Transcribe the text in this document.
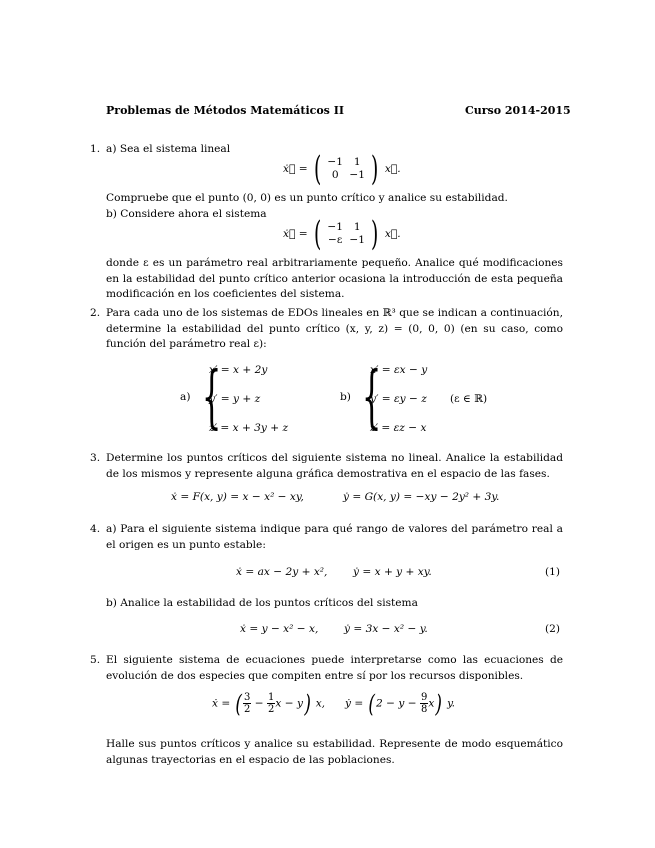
Problemas de Métodos Matemáticos II	Curso 2014-2015
1. a) Sea el sistema lineal
ẋ⃗ = ( −1	1
0	−1 ) x⃗.
Compruebe que el punto (0, 0) es un punto crítico y analice su estabilidad.
b) Considere ahora el sistema
ẋ⃗ = ( −1	1
−ε −1 ) x⃗.
donde ε es un parámetro real arbitrariamente pequeño. Analice qué modificaciones en la estabilidad del punto crítico anterior ocasiona la introducción de esta pequeña modificación en los coeficientes del sistema.
2. Para cada uno de los sistemas de EDOs lineales en ℝ³ que se indican a continuación, determine la estabilidad del punto crítico (x, y, z) = (0, 0, 0) (en su caso, como función del parámetro real ε):
a) {
x′ = x + 2y
y′ = y + z
z′ = x + 3y + z
b) {
x′ = εx − y
y′ = εy − z
z′ = εz − x
(ε ∈ ℝ)
3. Determine los puntos críticos del siguiente sistema no lineal. Analice la estabilidad de los mismos y represente alguna gráfica demostrativa en el espacio de las fases.
ẋ = F(x, y) = x − x² − xy,	ẏ = G(x, y) = −xy − 2y² + 3y.
4. a) Para el siguiente sistema indique para qué rango de valores del parámetro real a el origen es un punto estable:
ẋ = ax − 2y + x², ẏ = x + y + xy.	(1)
b) Analice la estabilidad de los puntos críticos del sistema
ẋ = y − x² − x, ẏ = 3x − x² − y.	(2)
5. El siguiente sistema de ecuaciones puede interpretarse como las ecuaciones de evolución de dos especies que compiten entre sí por los recursos disponibles.
ẋ = ( $\frac{3}{2} - \frac{1}{2}$ x − y) x, ẏ = $(2 - y - \frac{9}{8} x)$ y.
Halle sus puntos críticos y analice su estabilidad. Represente de modo esquemático algunas trayectorias en el espacio de las poblaciones.
